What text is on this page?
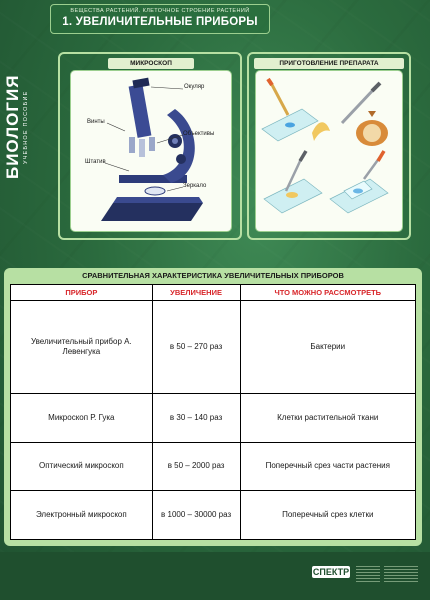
ВЕЩЕСТВА РАСТЕНИЙ. КЛЕТОЧНОЕ СТРОЕНИЕ РАСТЕНИЙ
1. УВЕЛИЧИТЕЛЬНЫЕ ПРИБОРЫ
БИОЛОГИЯ УЧЕБНОЕ ПОСОБИЕ
МИКРОСКОП
Окуляр
Винты
Объективы
Штатив
Зеркало
ПРИГОТОВЛЕНИЕ ПРЕПАРАТА
СРАВНИТЕЛЬНАЯ ХАРАКТЕРИСТИКА УВЕЛИЧИТЕЛЬНЫХ ПРИБОРОВ
ПРИБОР	УВЕЛИЧЕНИЕ	ЧТО МОЖНО РАССМОТРЕТЬ
Увеличительный прибор А. Левенгука	в 50 – 270 раз	Бактерии
Микроскоп Р. Гука	в 30 – 140 раз	Клетки растительной ткани
Оптический микроскоп	в 50 – 2000 раз	Поперечный срез части растения
Электронный микроскоп	в 1000 – 30000 раз	Поперечный срез клетки
СПЕКТР
